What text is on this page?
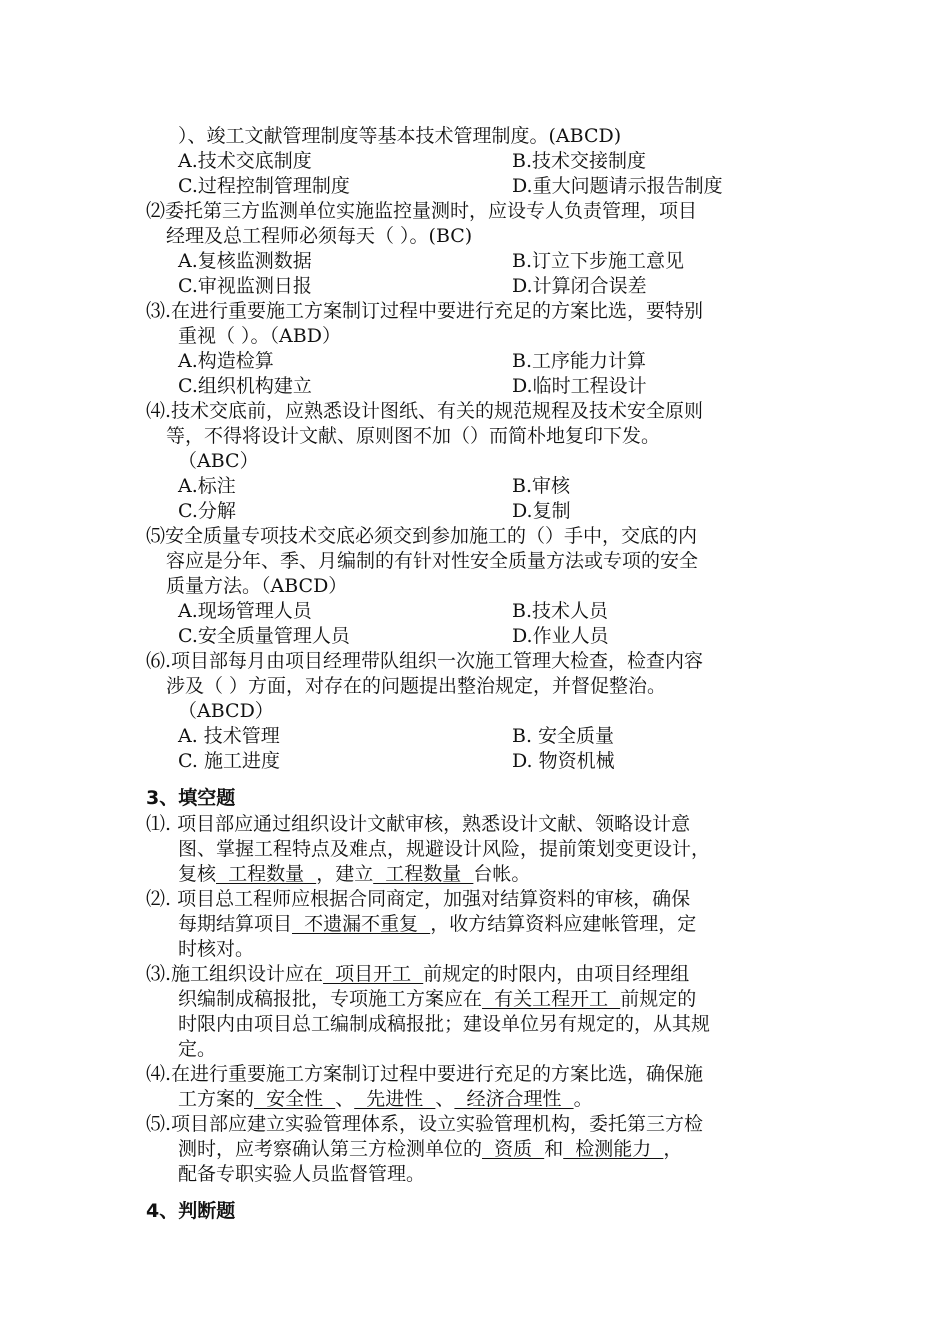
）、竣工文献管理制度等基本技术管理制度。(ABCD)
A.技术交底制度	B.技术交接制度
C.过程控制管理制度	D.重大问题请示报告制度
⑵委托第三方监测单位实施监控量测时，应设专人负责管理，项目
经理及总工程师必须每天（ ）。(BC)
A.复核监测数据	B.订立下步施工意见
C.审视监测日报	D.计算闭合误差
⑶.在进行重要施工方案制订过程中要进行充足的方案比选，要特别
重视（ ）。（ABD）
A.构造检算	B.工序能力计算
C.组织机构建立	D.临时工程设计
⑷.技术交底前，应熟悉设计图纸、有关的规范规程及技术安全原则
等，不得将设计文献、原则图不加（）而简朴地复印下发。
（ABC）
A.标注	B.审核
C.分解	D.复制
⑸安全质量专项技术交底必须交到参加施工的（）手中，交底的内
容应是分年、季、月编制的有针对性安全质量方法或专项的安全
质量方法。（ABCD）
A.现场管理人员	B.技术人员
C.安全质量管理人员	D.作业人员
⑹.项目部每月由项目经理带队组织一次施工管理大检查，检查内容
涉及（ ）方面，对存在的问题提出整治规定，并督促整治。
（ABCD）
A. 技术管理	B. 安全质量
C. 施工进度	D. 物资机械
3、填空题
⑴. 项目部应通过组织设计文献审核，熟悉设计文献、领略设计意
图、掌握工程特点及难点，规避设计风险，提前策划变更设计，
复核  工程数量  ，建立  工程数量  台帐。
⑵. 项目总工程师应根据合同商定，加强对结算资料的审核，确保
每期结算项目  不遗漏不重复  ，收方结算资料应建帐管理，定
时核对。
⑶.施工组织设计应在  项目开工  前规定的时限内，由项目经理组
织编制成稿报批，专项施工方案应在  有关工程开工  前规定的
时限内由项目总工编制成稿报批；建设单位另有规定的，从其规
定。
⑷.在进行重要施工方案制订过程中要进行充足的方案比选，确保施
工方案的  安全性  、  先进性  、  经济合理性  。
⑸.项目部应建立实验管理体系，设立实验管理机构，委托第三方检
测时，应考察确认第三方检测单位的  资质  和  检测能力  ，
配备专职实验人员监督管理。
4、判断题
